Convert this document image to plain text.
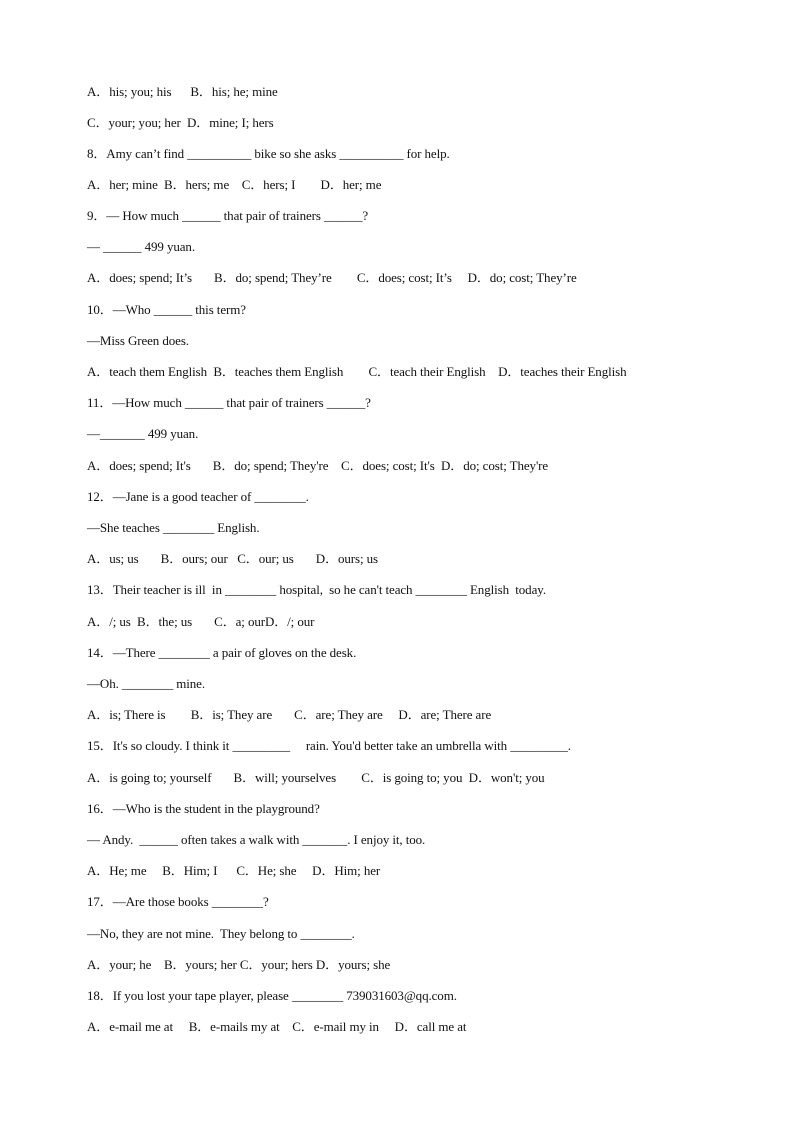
A．his; you; his      B．his; he; mine
C．your; you; her  D．mine; I; hers
8．Amy can’t find __________ bike so she asks __________ for help.
A．her; mine  B．hers; me    C．hers; I        D．her; me
9．— How much ______ that pair of trainers ______?
— ______ 499 yuan.
A．does; spend; It’s       B．do; spend; They’re        C．does; cost; It’s     D．do; cost; They’re
10．—Who ______ this term?
—Miss Green does.
A．teach them English  B．teaches them English        C．teach their English    D．teaches their English
11．—How much ______ that pair of trainers ______?
—_______ 499 yuan.
A．does; spend; It's       B．do; spend; They're    C．does; cost; It's  D．do; cost; They're
12．—Jane is a good teacher of ________.
—She teaches ________ English.
A．us; us       B．ours; our   C．our; us       D．ours; us
13．Their teacher is ill  in ________ hospital,  so he can't teach ________ English  today.
A．/; us  B．the; us       C．a; ourD．/; our
14．—There ________ a pair of gloves on the desk.
—Oh. ________ mine.
A．is; There is        B．is; They are       C．are; They are     D．are; There are
15．It's so cloudy. I think it _________     rain. You'd better take an umbrella with _________.
A．is going to; yourself       B．will; yourselves        C．is going to; you  D．won't; you
16．—Who is the student in the playground?
— Andy.  ______ often takes a walk with _______. I enjoy it, too.
A．He; me     B．Him; I      C．He; she     D．Him; her
17．—Are those books ________?
—No, they are not mine.  They belong to ________.
A．your; he    B．yours; her C．your; hers D．yours; she
18．If you lost your tape player, please ________ 739031603@qq.com.
A．e-mail me at     B．e-mails my at    C．e-mail my in     D．call me at
